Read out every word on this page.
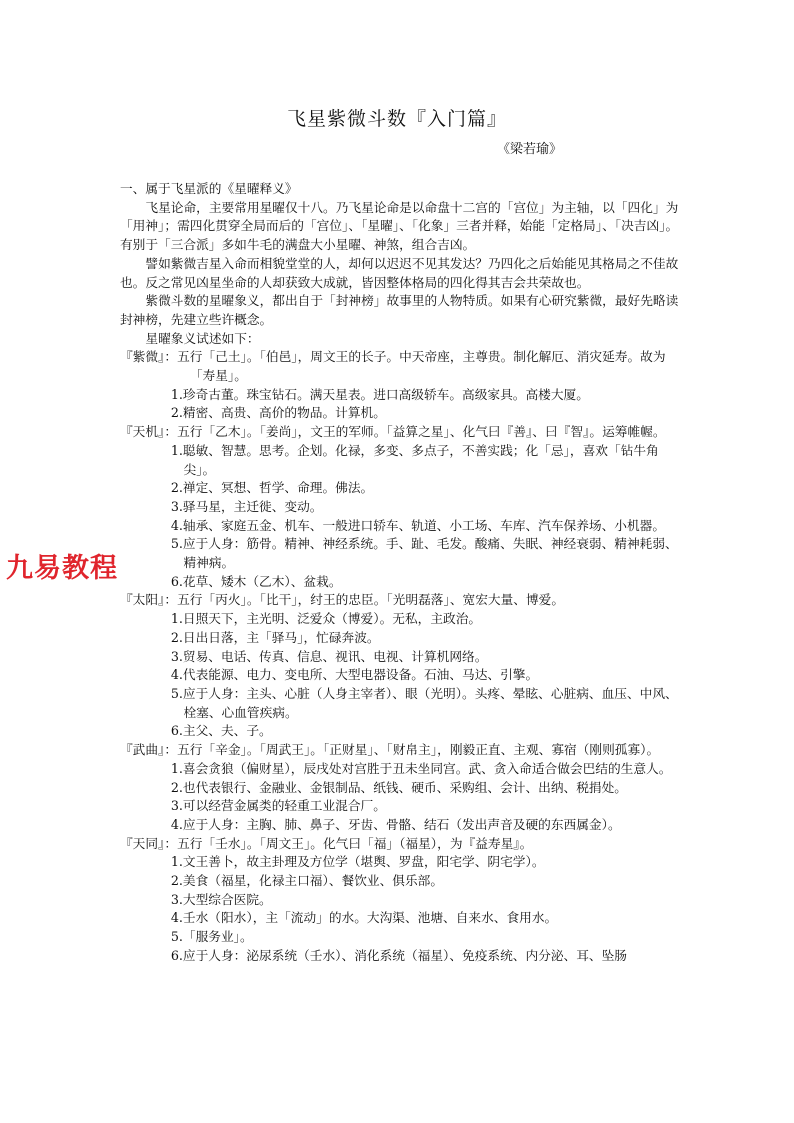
飞星紫微斗数『入门篇』
《梁若瑜》

一、属于飞星派的《星曜释义》

飞星论命，主要常用星曜仅十八。乃飞星论命是以命盘十二宫的「宫位」为主轴，以「四化」为「用神」；需四化贯穿全局而后的「宫位」、「星曜」、「化象」三者并释，始能「定格局」、「决吉凶」。有别于「三合派」多如牛毛的满盘大小星曜、神煞，组合吉凶。

譬如紫微吉星入命而相貌堂堂的人，却何以迟迟不见其发达？乃四化之后始能见其格局之不佳故也。反之常见凶星坐命的人却获致大成就，皆因整体格局的四化得其吉会共荣故也。

紫微斗数的星曜象义，都出自于「封神榜」故事里的人物特质。如果有心研究紫微，最好先略读封神榜，先建立些许概念。

星曜象义试述如下：

『紫微』：五行「己土」。「伯邑」，周文王的长子。中天帝座，主尊贵。制化解厄、消灾延寿。故为「寿星」。

1.珍奇古董。珠宝钻石。满天星表。进口高级轿车。高级家具。高楼大厦。

2.精密、高贵、高价的物品。计算机。

『天机』：五行「乙木」。「姜尚」，文王的军师。「益算之星」、化气曰『善』、曰『智』。运筹帷幄。

1.聪敏、智慧。思考。企划。化禄，多变、多点子，不善实践；化「忌」，喜欢「钻牛角尖」。

2.禅定、冥想、哲学、命理。佛法。

3.驿马星，主迁徙、变动。

4.轴承、家庭五金、机车、一般进口轿车、轨道、小工场、车库、汽车保养场、小机器。

5.应于人身：筋骨。精神、神经系统。手、趾、毛发。酸痛、失眠、神经衰弱、精神耗弱、精神病。

6.花草、矮木（乙木）、盆栽。

『太阳』：五行「丙火」。「比干」，纣王的忠臣。「光明磊落」、宽宏大量、博爱。

1.日照天下，主光明、泛爱众（博爱）。无私，主政治。

2.日出日落，主「驿马」，忙碌奔波。

3.贸易、电话、传真、信息、视讯、电视、计算机网络。

4.代表能源、电力、变电所、大型电器设备。石油、马达、引擎。

5.应于人身：主头、心脏（人身主宰者）、眼（光明）。头疼、晕眩、心脏病、血压、中风、栓塞、心血管疾病。

6.主父、夫、子。

『武曲』：五行「辛金」。「周武王」。「正财星」、「财帛主」，刚毅正直、主观、寡宿（刚则孤寡）。

1.喜会贪狼（偏财星），辰戌处对宫胜于丑未坐同宫。武、贪入命适合做会巴结的生意人。

2.也代表银行、金融业、金银制品、纸钱、硬币、采购组、会计、出纳、税捐处。

3.可以经营金属类的轻重工业混合厂。

4.应于人身：主胸、肺、鼻子、牙齿、骨骼、结石（发出声音及硬的东西属金）。

『天同』：五行「壬水」。「周文王」。化气曰「福」（福星），为『益寿星』。

1.文王善卜，故主卦理及方位学（堪舆、罗盘，阳宅学、阴宅学）。

2.美食（福星，化禄主口福）、餐饮业、俱乐部。

3.大型综合医院。

4.壬水（阳水），主「流动」的水。大沟渠、池塘、自来水、食用水。

5.「服务业」。

6.应于人身：泌尿系统（壬水）、消化系统（福星）、免疫系统、内分泌、耳、坠肠

九易教程
